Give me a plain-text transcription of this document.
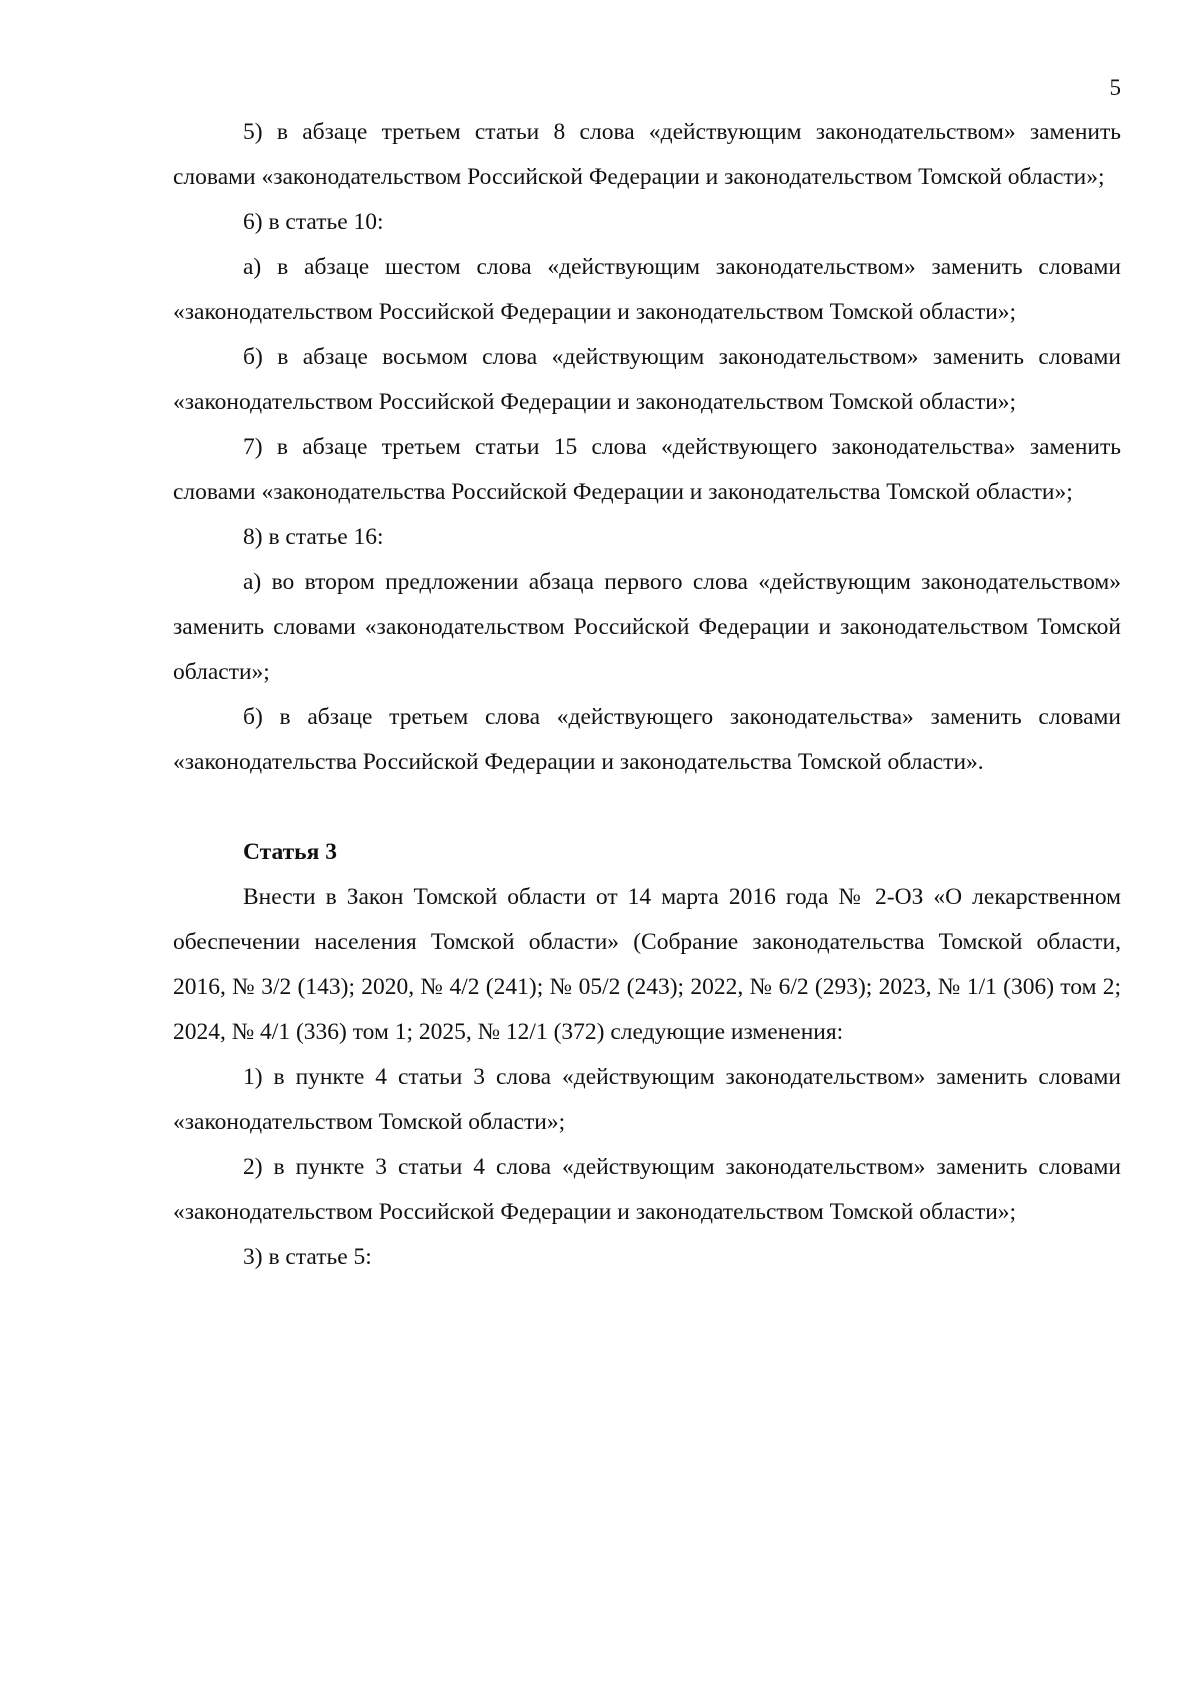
5

5) в абзаце третьем статьи 8 слова «действующим законодательством» заменить словами «законодательством Российской Федерации и законодательством Томской области»;

6) в статье 10:

а) в абзаце шестом слова «действующим законодательством» заменить словами «законодательством Российской Федерации и законодательством Томской области»;

б) в абзаце восьмом слова «действующим законодательством» заменить словами «законодательством Российской Федерации и законодательством Томской области»;

7) в абзаце третьем статьи 15 слова «действующего законодательства» заменить словами «законодательства Российской Федерации и законодательства Томской области»;

8) в статье 16:

а) во втором предложении абзаца первого слова «действующим законодательством» заменить словами «законодательством Российской Федерации и законодательством Томской области»;

б) в абзаце третьем слова «действующего законодательства» заменить словами «законодательства Российской Федерации и законодательства Томской области».

Статья 3

Внести в Закон Томской области от 14 марта 2016 года № 2-ОЗ «О лекарственном обеспечении населения Томской области» (Собрание законодательства Томской области, 2016, № 3/2 (143); 2020, № 4/2 (241); № 05/2 (243); 2022, № 6/2 (293); 2023, № 1/1 (306) том 2; 2024, № 4/1 (336) том 1; 2025, № 12/1 (372) следующие изменения:

1) в пункте 4 статьи 3 слова «действующим законодательством» заменить словами «законодательством Томской области»;

2) в пункте 3 статьи 4 слова «действующим законодательством» заменить словами «законодательством Российской Федерации и законодательством Томской области»;

3) в статье 5:
